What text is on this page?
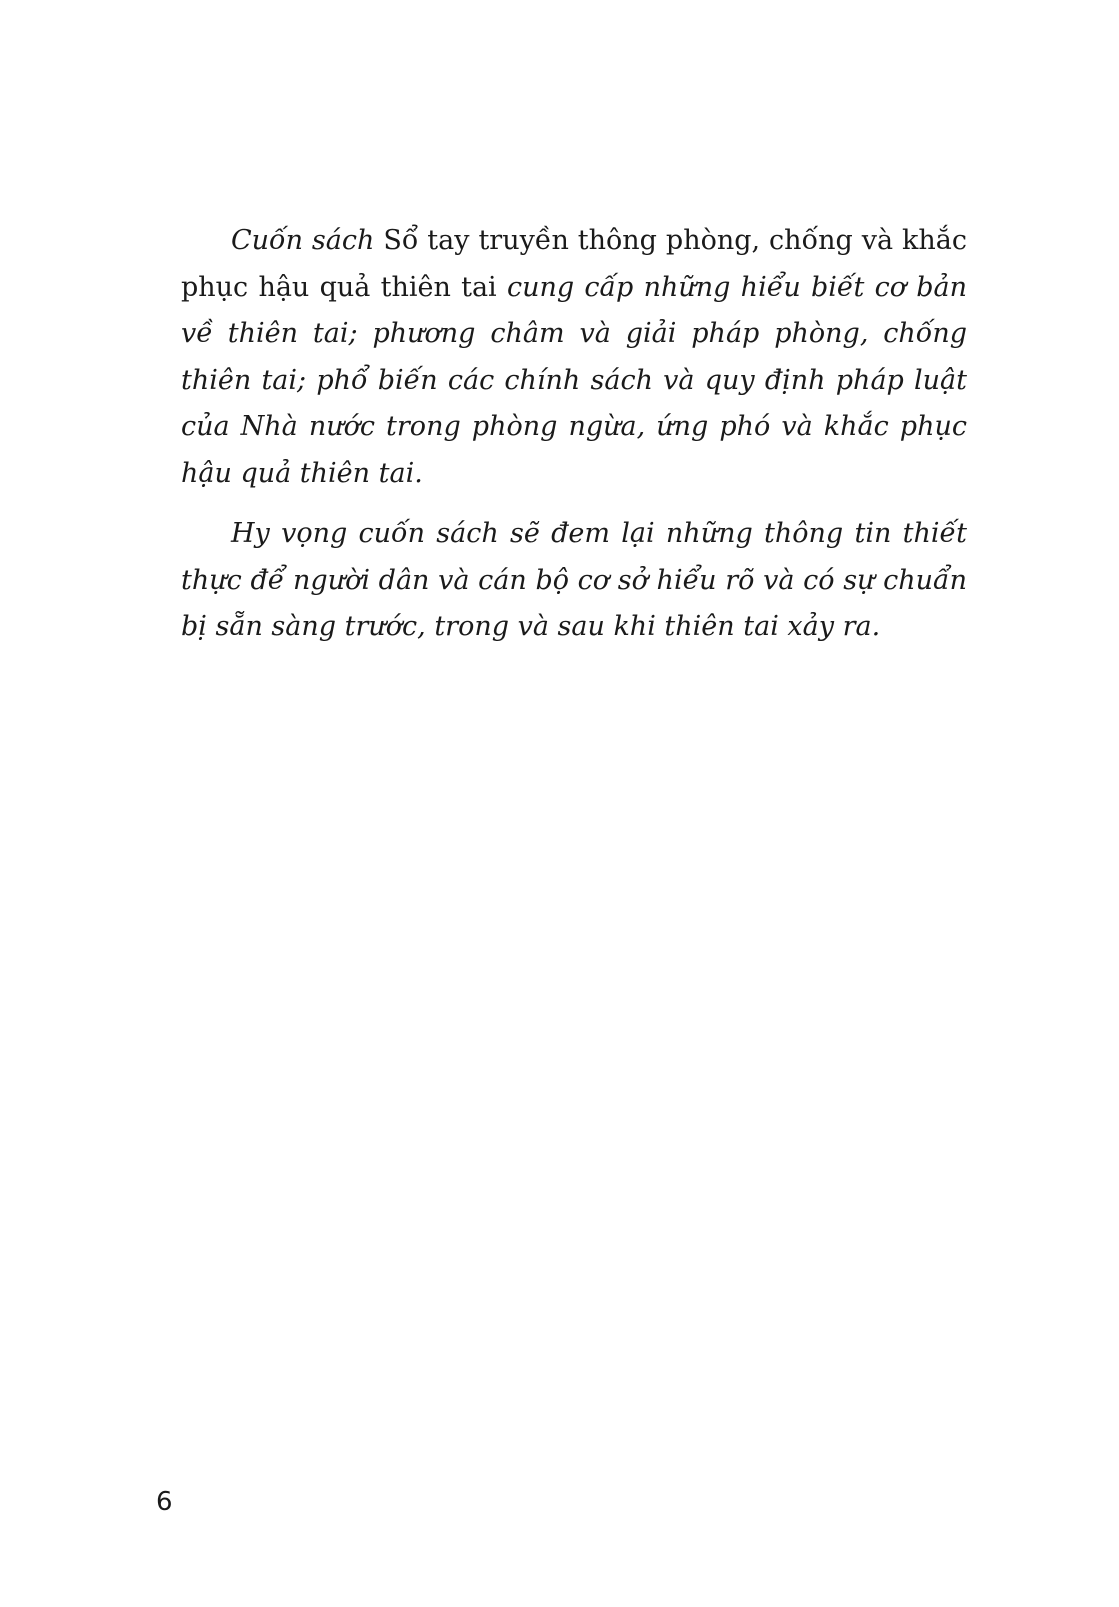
Cuốn sách Sổ tay truyền thông phòng, chống và khắc phục hậu quả thiên tai cung cấp những hiểu biết cơ bản về thiên tai; phương châm và giải pháp phòng, chống thiên tai; phổ biến các chính sách và quy định pháp luật của Nhà nước trong phòng ngừa, ứng phó và khắc phục hậu quả thiên tai.

Hy vọng cuốn sách sẽ đem lại những thông tin thiết thực để người dân và cán bộ cơ sở hiểu rõ và có sự chuẩn bị sẵn sàng trước, trong và sau khi thiên tai xảy ra.

6
